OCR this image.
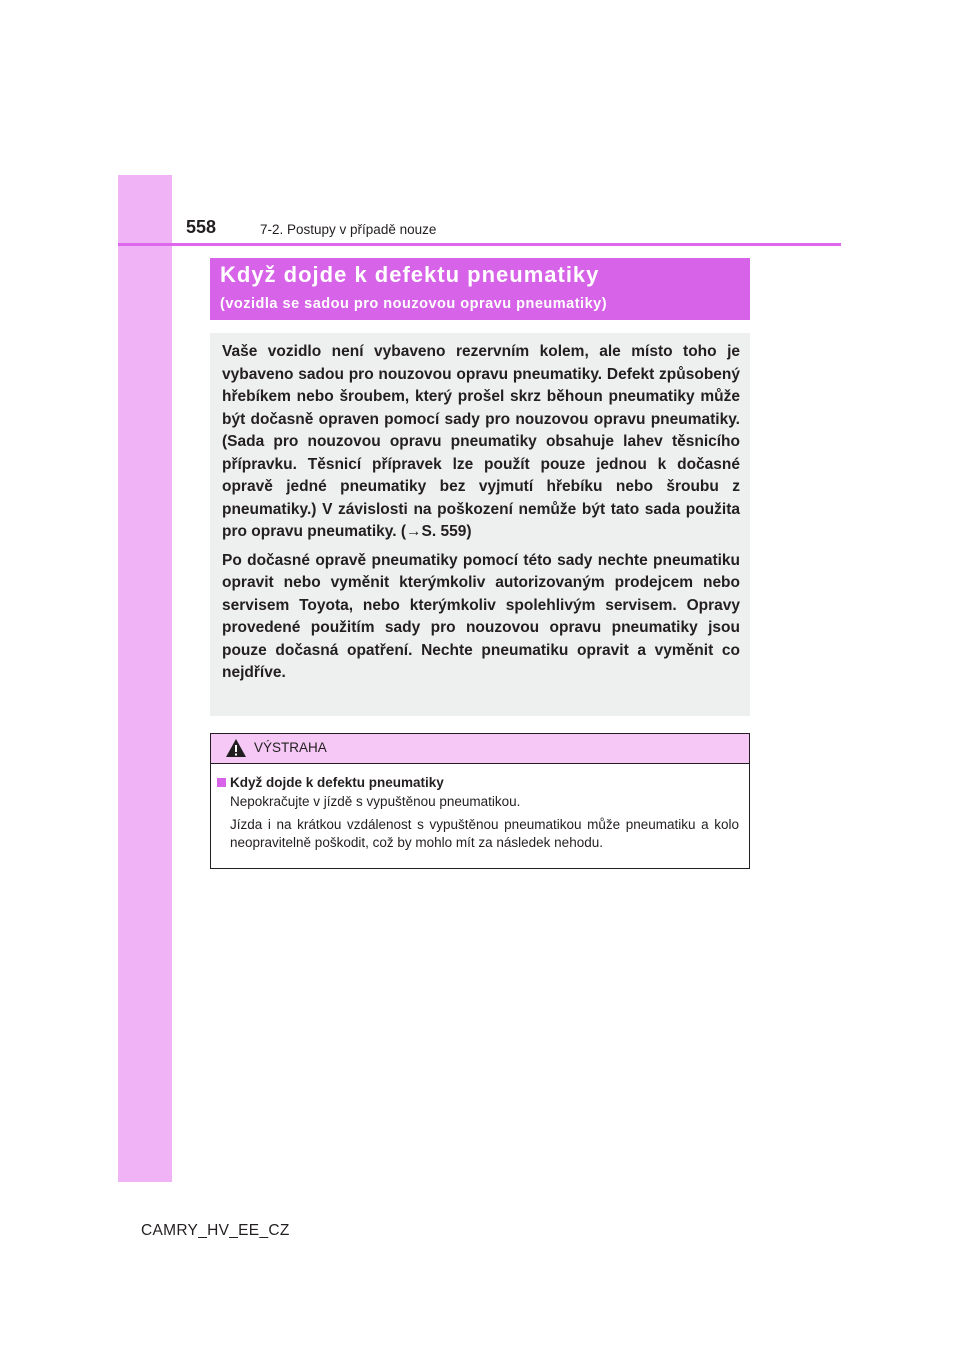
558	7-2. Postupy v případě nouze
Když dojde k defektu pneumatiky
(vozidla se sadou pro nouzovou opravu pneumatiky)

Vaše vozidlo není vybaveno rezervním kolem, ale místo toho je vybaveno sadou pro nouzovou opravu pneumatiky. Defekt způsobený hřebíkem nebo šroubem, který prošel skrz běhoun pneumatiky může být dočasně opraven pomocí sady pro nouzovou opravu pneumatiky. (Sada pro nouzovou opravu pneumatiky obsahuje lahev těsnicího přípravku. Těsnicí přípravek lze použít pouze jednou k dočasné opravě jedné pneumatiky bez vyjmutí hřebíku nebo šroubu z pneumatiky.) V závislosti na poškození nemůže být tato sada použita pro opravu pneumatiky. (→S. 559)

Po dočasné opravě pneumatiky pomocí této sady nechte pneumatiku opravit nebo vyměnit kterýmkoliv autorizovaným prodejcem nebo servisem Toyota, nebo kterýmkoliv spolehlivým servisem. Opravy provedené použitím sady pro nouzovou opravu pneumatiky jsou pouze dočasná opatření. Nechte pneumatiku opravit a vyměnit co nejdříve.

VÝSTRAHA
Když dojde k defektu pneumatiky

Nepokračujte v jízdě s vypuštěnou pneumatikou.

Jízda i na krátkou vzdálenost s vypuštěnou pneumatikou může pneumatiku a kolo neopravitelně poškodit, což by mohlo mít za následek nehodu.

CAMRY_HV_EE_CZ
